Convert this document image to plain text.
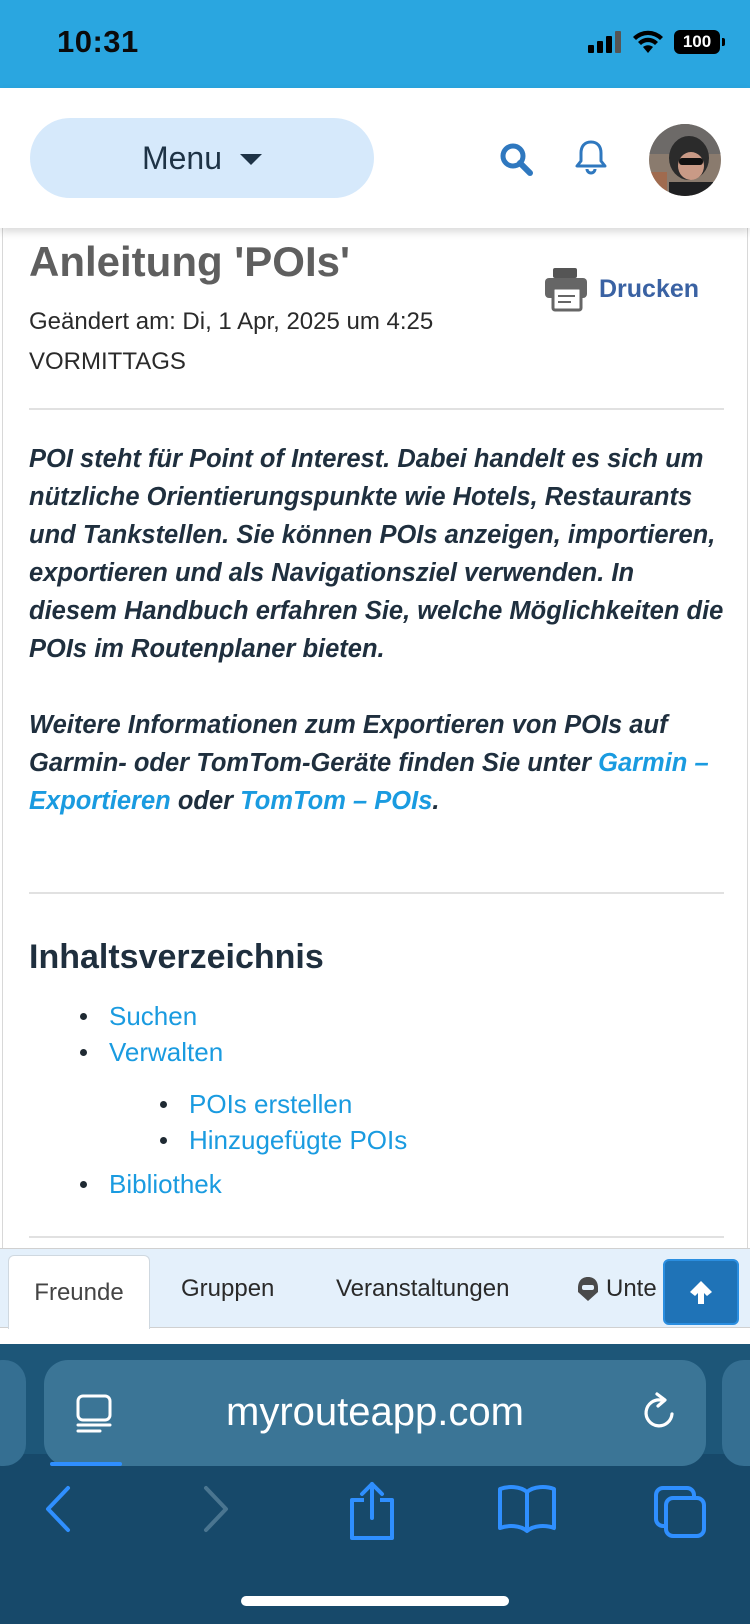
10:31	100
Menu
Anleitung 'POIs'
Drucken
Geändert am: Di, 1 Apr, 2025 um 4:25 VORMITTAGS

POI steht für Point of Interest. Dabei handelt es sich um nützliche Orientierungspunkte wie Hotels, Restaurants und Tankstellen. Sie können POIs anzeigen, importieren, exportieren und als Navigationsziel verwenden. In diesem Handbuch erfahren Sie, welche Möglichkeiten die POIs im Routenplaner bieten.

Weitere Informationen zum Exportieren von POIs auf Garmin- oder TomTom-Geräte finden Sie unter Garmin – Exportieren oder TomTom – POIs.

Inhaltsverzeichnis
Suchen
Verwalten
POIs erstellen
Hinzugefügte POIs
Bibliothek
Freunde	Gruppen	Veranstaltungen	Unte
myrouteapp.com
